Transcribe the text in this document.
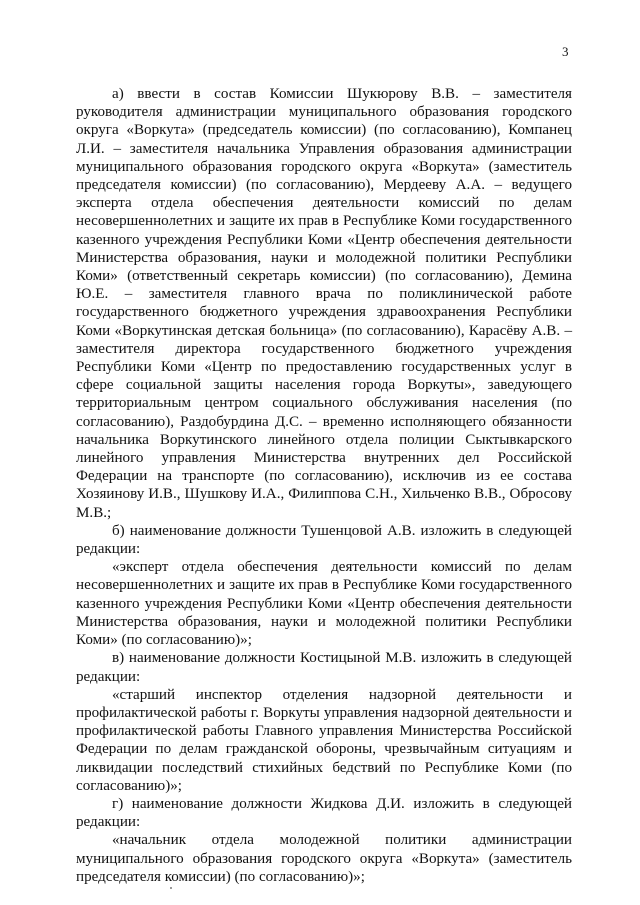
3

а) ввести в состав Комиссии Шукюрову В.В. – заместителя руководителя администрации муниципального образования городского округа «Воркута» (председатель комиссии) (по согласованию), Компанец Л.И. – заместителя начальника Управления образования администрации муниципального образования городского округа «Воркута» (заместитель председателя комиссии) (по согласованию), Мердееву А.А. – ведущего эксперта отдела обеспечения деятельности комиссий по делам несовершеннолетних и защите их прав в Республике Коми государственного казенного учреждения Республики Коми «Центр обеспечения деятельности Министерства образования, науки и молодежной политики Республики Коми» (ответственный секретарь комиссии) (по согласованию), Демина Ю.Е. – заместителя главного врача по поликлинической работе государственного бюджетного учреждения здравоохранения Республики Коми «Воркутинская детская больница» (по согласованию), Карасёву А.В. – заместителя директора государственного бюджетного учреждения Республики Коми «Центр по предоставлению государственных услуг в сфере социальной защиты населения города Воркуты», заведующего территориальным центром социального обслуживания населения (по согласованию), Раздобурдина Д.С. – временно исполняющего обязанности начальника Воркутинского линейного отдела полиции Сыктывкарского линейного управления Министерства внутренних дел Российской Федерации на транспорте (по согласованию), исключив из ее состава Хозяинову И.В., Шушкову И.А., Филиппова С.Н., Хильченко В.В., Обросову М.В.;

б) наименование должности Тушенцовой А.В. изложить в следующей редакции:

«эксперт отдела обеспечения деятельности комиссий по делам несовершеннолетних и защите их прав в Республике Коми государственного казенного учреждения Республики Коми «Центр обеспечения деятельности Министерства образования, науки и молодежной политики Республики Коми» (по согласованию)»;

в) наименование должности Костицыной М.В. изложить в следующей редакции:

«старший инспектор отделения надзорной деятельности и профилактической работы г. Воркуты управления надзорной деятельности и профилактической работы Главного управления Министерства Российской Федерации по делам гражданской обороны, чрезвычайным ситуациям и ликвидации последствий стихийных бедствий по Республике Коми (по согласованию)»;

г) наименование должности Жидкова Д.И. изложить в следующей редакции:

«начальник отдела молодежной политики администрации муниципального образования городского округа «Воркута» (заместитель председателя комиссии) (по согласованию)»;
